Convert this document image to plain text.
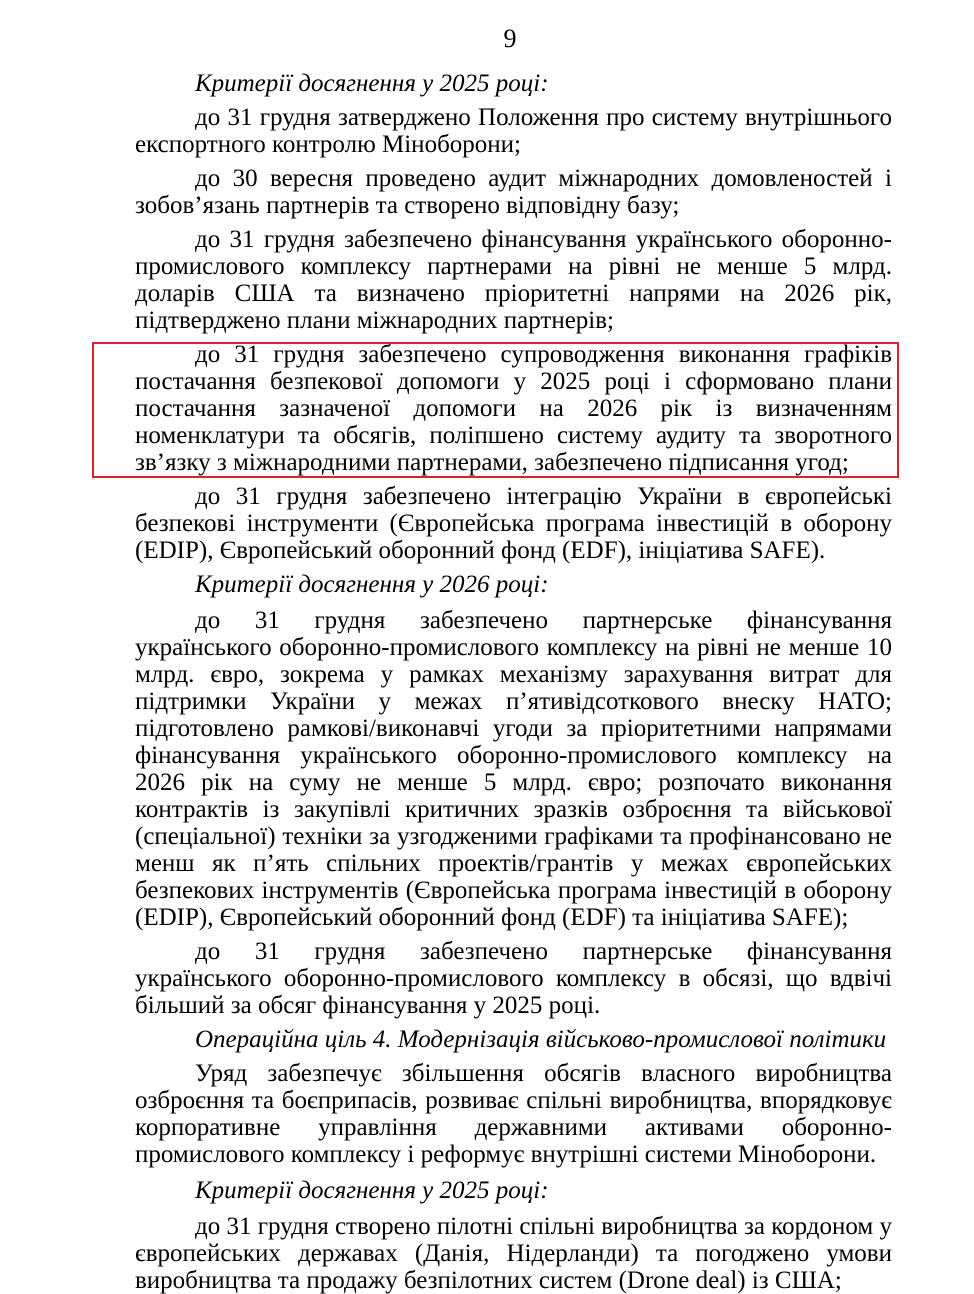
9

Критерії досягнення у 2025 році:

до 31 грудня затверджено Положення про систему внутрішнього експортного контролю Міноборони;

до 30 вересня проведено аудит міжнародних домовленостей і зобов’язань партнерів та створено відповідну базу;

до 31 грудня забезпечено фінансування українського оборонно-промислового комплексу партнерами на рівні не менше 5 млрд. доларів США та визначено пріоритетні напрями на 2026 рік, підтверджено плани міжнародних партнерів;

до 31 грудня забезпечено супроводження виконання графіків постачання безпекової допомоги у 2025 році і сформовано плани постачання зазначеної допомоги на 2026 рік із визначенням номенклатури та обсягів, поліпшено систему аудиту та зворотного зв’язку з міжнародними партнерами, забезпечено підписання угод;

до 31 грудня забезпечено інтеграцію України в європейські безпекові інструменти (Європейська програма інвестицій в оборону (EDIP), Європейський оборонний фонд (EDF), ініціатива SAFE).

Критерії досягнення у 2026 році:

до 31 грудня забезпечено партнерське фінансування українського оборонно-промислового комплексу на рівні не менше 10 млрд. євро, зокрема у рамках механізму зарахування витрат для підтримки України у межах п’ятивідсоткового внеску НАТО; підготовлено рамкові/виконавчі угоди за пріоритетними напрямами фінансування українського оборонно-промислового комплексу на 2026 рік на суму не менше 5 млрд. євро; розпочато виконання контрактів із закупівлі критичних зразків озброєння та військової (спеціальної) техніки за узгодженими графіками та профінансовано не менш як п’ять спільних проектів/грантів у межах європейських безпекових інструментів (Європейська програма інвестицій в оборону (EDIP), Європейський оборонний фонд (EDF) та ініціатива SAFE);

до 31 грудня забезпечено партнерське фінансування українського оборонно-промислового комплексу в обсязі, що вдвічі більший за обсяг фінансування у 2025 році.

Операційна ціль 4. Модернізація військово-промислової політики

Уряд забезпечує збільшення обсягів власного виробництва озброєння та боєприпасів, розвиває спільні виробництва, впорядковує корпоративне управління державними активами оборонно-промислового комплексу і реформує внутрішні системи Міноборони.

Критерії досягнення у 2025 році:

до 31 грудня створено пілотні спільні виробництва за кордоном у європейських державах (Данія, Нідерланди) та погоджено умови виробництва та продажу безпілотних систем (Drone deal) із США;
